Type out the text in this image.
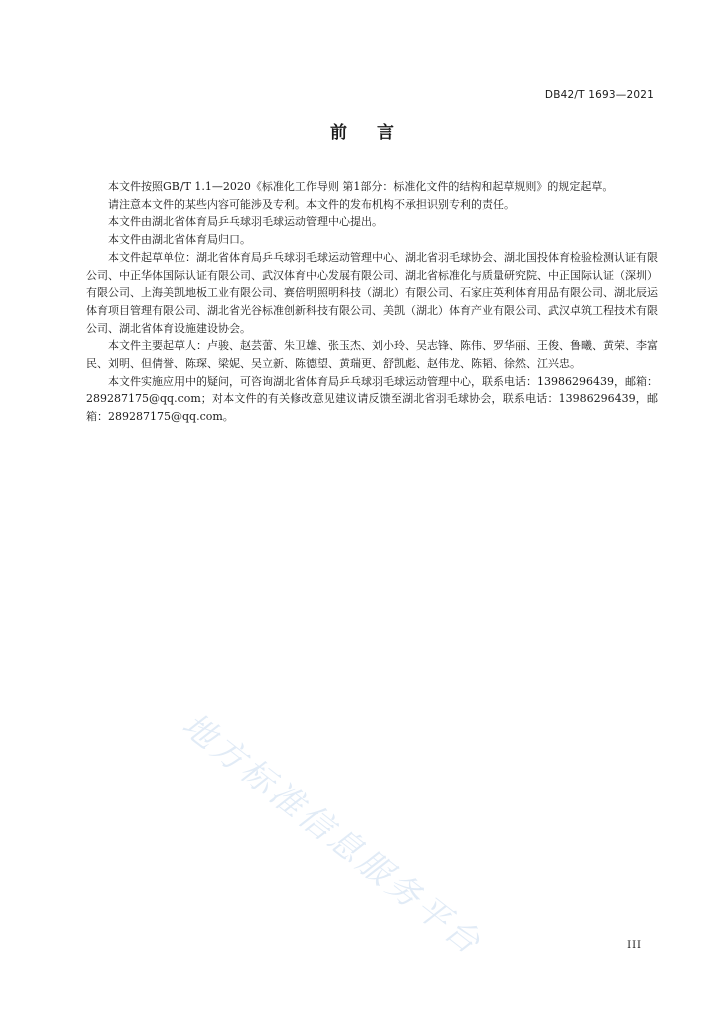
DB42/T 1693—2021
前言

本文件按照GB/T 1.1—2020《标准化工作导则 第1部分：标准化文件的结构和起草规则》的规定起草。

请注意本文件的某些内容可能涉及专利。本文件的发布机构不承担识别专利的责任。

本文件由湖北省体育局乒乓球羽毛球运动管理中心提出。

本文件由湖北省体育局归口。

本文件起草单位：湖北省体育局乒乓球羽毛球运动管理中心、湖北省羽毛球协会、湖北国投体育检验检测认证有限公司、中正华体国际认证有限公司、武汉体育中心发展有限公司、湖北省标准化与质量研究院、中正国际认证（深圳）有限公司、上海美凯地板工业有限公司、赛倍明照明科技（湖北）有限公司、石家庄英利体育用品有限公司、湖北辰运体育项目管理有限公司、湖北省光谷标准创新科技有限公司、美凯（湖北）体育产业有限公司、武汉卓筑工程技术有限公司、湖北省体育设施建设协会。

本文件主要起草人：卢骏、赵芸蕾、朱卫雄、张玉杰、刘小玲、吴志锋、陈伟、罗华丽、王俊、鲁曦、黄荣、李富民、刘明、但倩誉、陈琛、梁妮、吴立新、陈德望、黄瑞更、舒凯彪、赵伟龙、陈韬、徐然、江兴忠。

本文件实施应用中的疑问，可咨询湖北省体育局乒乓球羽毛球运动管理中心，联系电话：13986296439，邮箱：289287175@qq.com；对本文件的有关修改意见建议请反馈至湖北省羽毛球协会，联系电话：13986296439，邮箱：289287175@qq.com。

地方标准信息服务平台	III
